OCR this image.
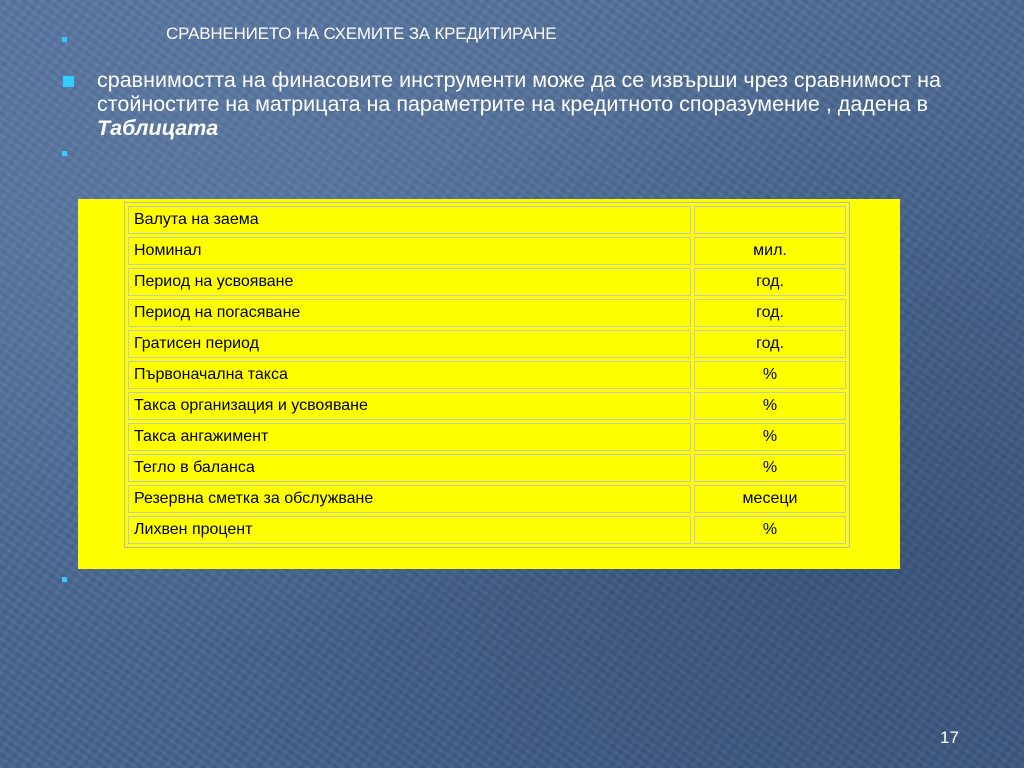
СРАВНЕНИЕТО НА СХЕМИТЕ ЗА КРЕДИТИРАНЕ
сравнимостта на финасовите инструменти може да се извърши чрез сравнимост на стойностите на матрицата на параметрите на кредитното споразумение , дадена в Таблицата
Валута на заема	
Номинал	мил.
Период на усвояване	год.
Период на погасяване	год.
Гратисен период	год.
Първоначална такса	%
Такса организация и усвояване	%
Такса ангажимент	%
Тегло в баланса	%
Резервна сметка за обслужване	месеци
Лихвен процент	%
17
